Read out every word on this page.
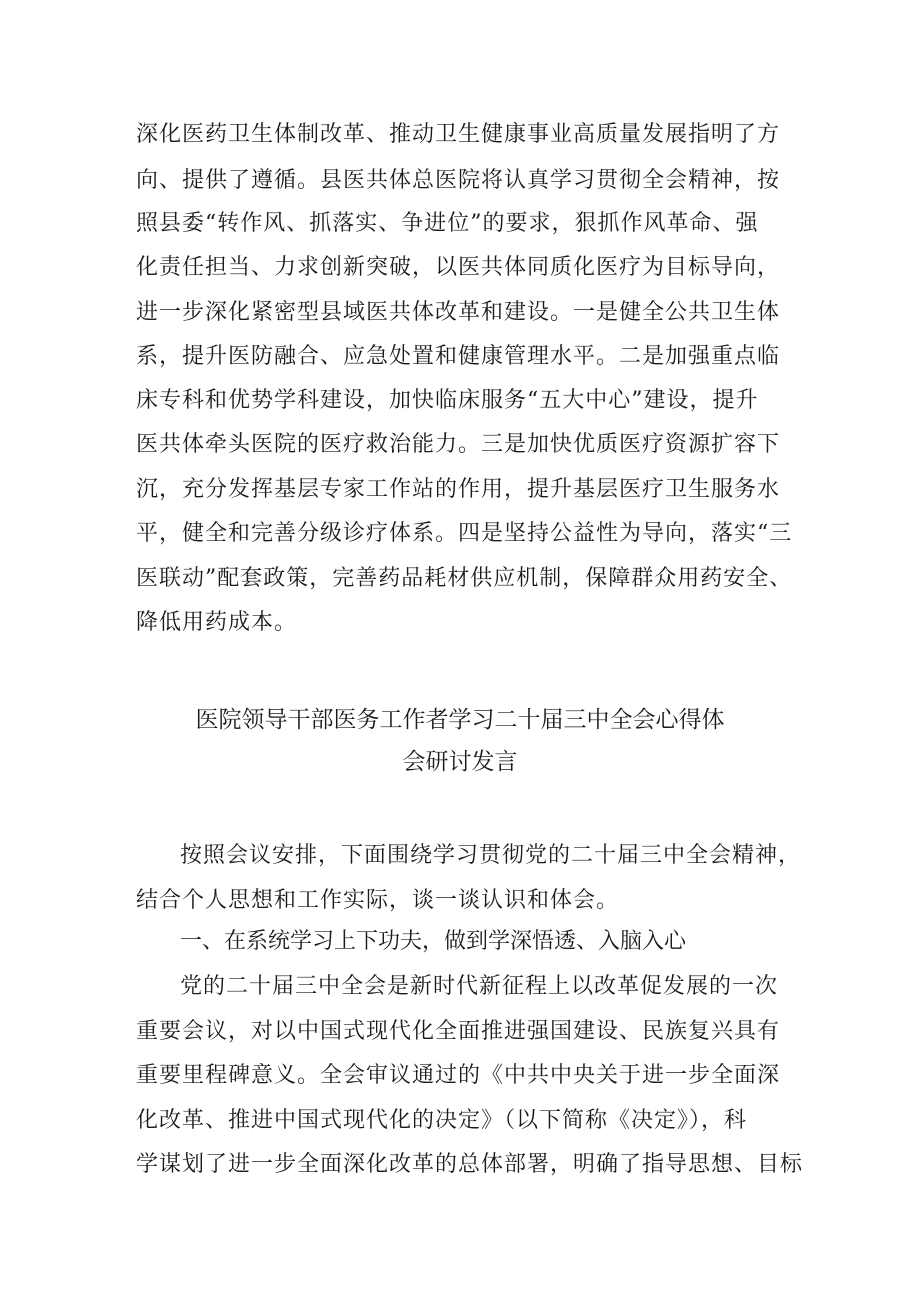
深化医药卫生体制改革、推动卫生健康事业高质量发展指明了方
向、提供了遵循。县医共体总医院将认真学习贯彻全会精神，按
照县委“转作风、抓落实、争进位”的要求，狠抓作风革命、强
化责任担当、力求创新突破，以医共体同质化医疗为目标导向，
进一步深化紧密型县域医共体改革和建设。一是健全公共卫生体
系，提升医防融合、应急处置和健康管理水平。二是加强重点临
床专科和优势学科建设，加快临床服务“五大中心”建设，提升
医共体牵头医院的医疗救治能力。三是加快优质医疗资源扩容下
沉，充分发挥基层专家工作站的作用，提升基层医疗卫生服务水
平，健全和完善分级诊疗体系。四是坚持公益性为导向，落实“三
医联动”配套政策，完善药品耗材供应机制，保障群众用药安全、
降低用药成本。
医院领导干部医务工作者学习二十届三中全会心得体
会研讨发言
按照会议安排，下面围绕学习贯彻党的二十届三中全会精神，
结合个人思想和工作实际，谈一谈认识和体会。
一、在系统学习上下功夫，做到学深悟透、入脑入心
党的二十届三中全会是新时代新征程上以改革促发展的一次
重要会议，对以中国式现代化全面推进强国建设、民族复兴具有
重要里程碑意义。全会审议通过的《中共中央关于进一步全面深
化改革、推进中国式现代化的决定》（以下简称《决定》），科
学谋划了进一步全面深化改革的总体部署，明确了指导思想、目标
